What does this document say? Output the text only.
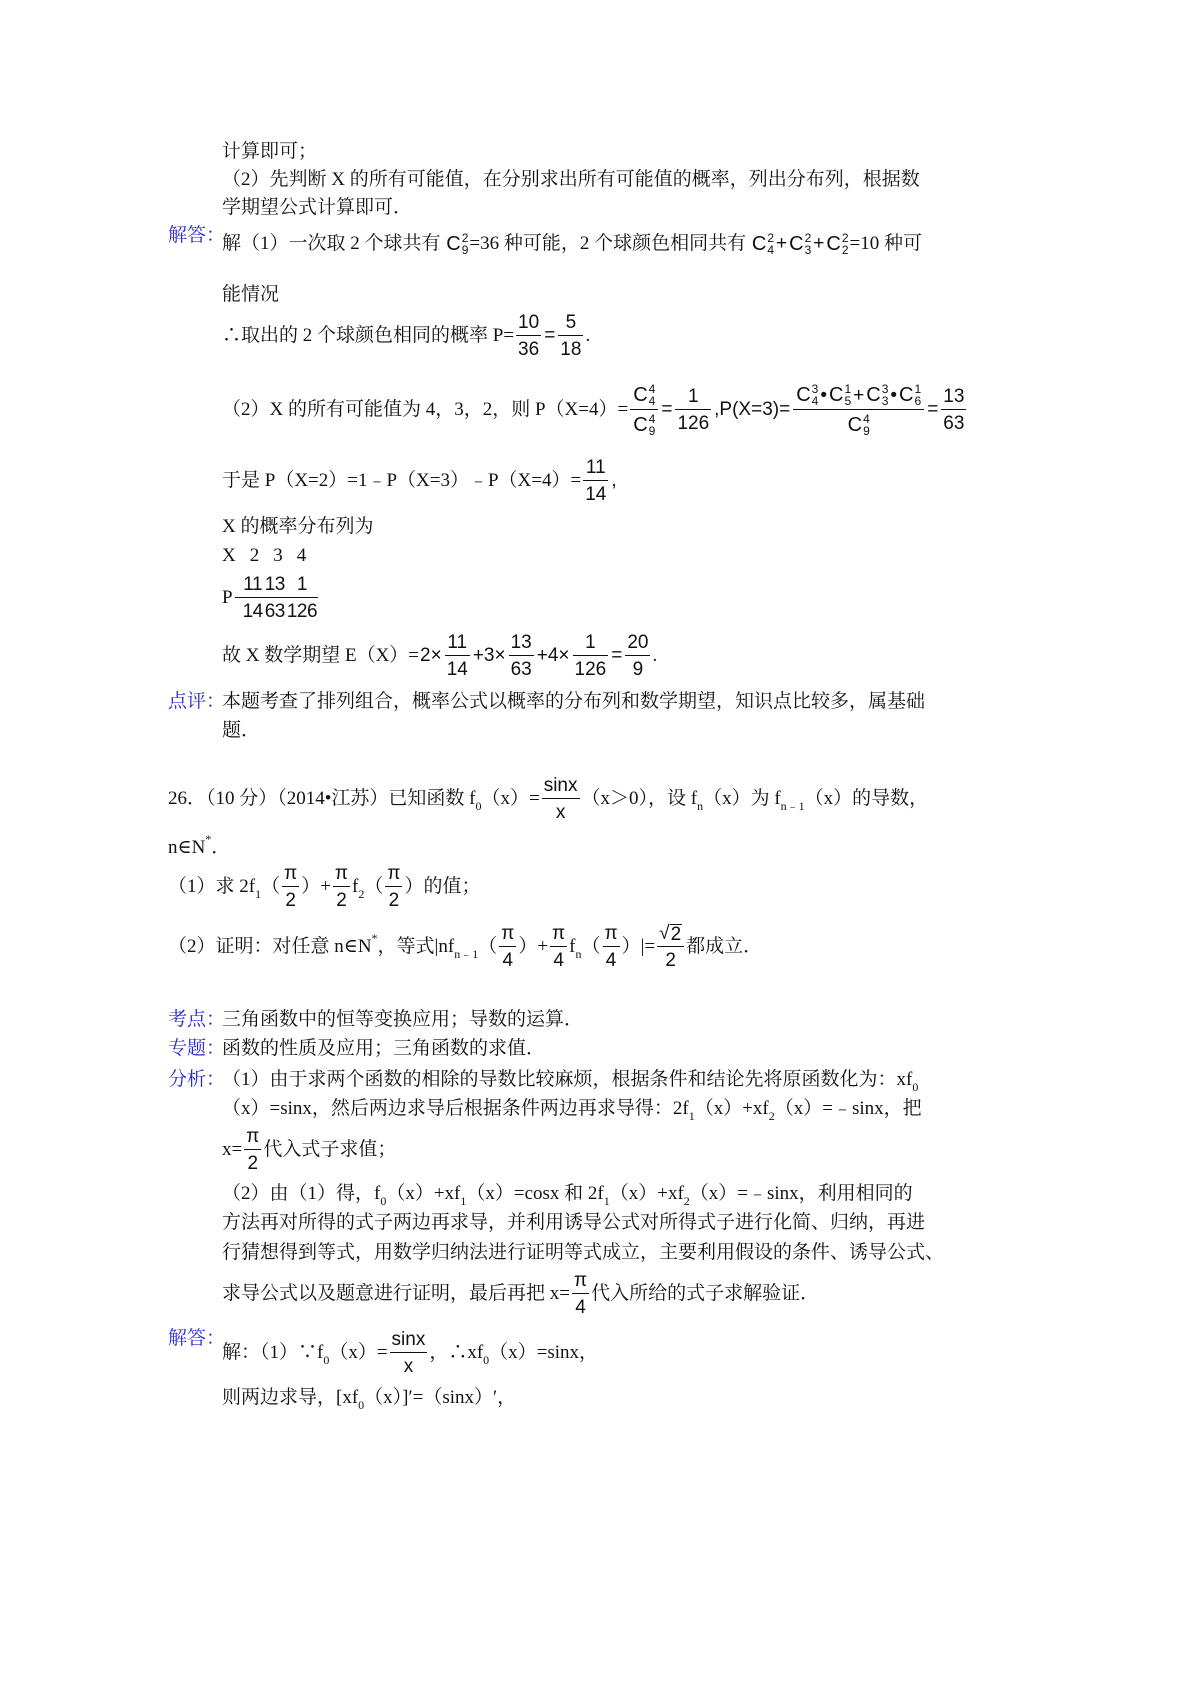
计算即可；
（2）先判断 X 的所有可能值，在分别求出所有可能值的概率，列出分布列，根据数
学期望公式计算即可．
解答：
解（1）一次取 2 个球共有 C 2
9 =36 种可能，2 个球颜色相同共有 C 2
4 + C 2
3 + C 2
2 =10 种可
能情况
∴取出的 2 个球颜色相同的概率 $P= \frac{10}{36} = \frac{5}{18}$ .
（2）X 的所有可能值为 4，3，2，则 P（X=4）= C 4
4
C 4
$9 = \frac{1}{126} ,P(X=3)= C$ 3
4 • C 1
5 + C 3
3 • C 1
6
C 4
$9 = \frac{13}{63}$
于是 P（X=2）=1﹣P（X=3）﹣P（X=4）= $\frac{11}{14}$ ,
X 的概率分布列为
X 2 3 4
P $\frac{11}{14} \frac{13}{63} \frac{1}{126}$
故 X 数学期望 $E(X)= 2\times \frac{11}{14} +3\times \frac{13}{63} +4\times \frac{1}{126} = \frac{20}{9}$ .
点评：
本题考查了排列组合，概率公式以概率的分布列和数学期望，知识点比较多，属基础
题．
26．（10 分）（2014•江苏）已知函数 f 0 $(x)= \frac{\sin x}{x} (x>0)$，设 f n （x）为 f n﹣1 （x）的导数，
n∈N * ．
（1）求 2f 1 （ $\frac{\pi}{2}$ ）+ $\frac{\pi}{2}$ f 2 （ $\frac{\pi}{2}$ ）的值；
（2）证明：对任意 n∈N * ，等式|nf n﹣1 （ $\frac{\pi}{4}$ ）+ $\frac{\pi}{4}$ f n （ $\frac{\pi}{4}$ ）|= $\frac{√ 2}{2}$ 都成立．
考点：
三角函数中的恒等变换应用；导数的运算．
专题：
函数的性质及应用；三角函数的求值．
分析：
（1）由于求两个函数的相除的导数比较麻烦，根据条件和结论先将原函数化为：xf 0
（x）=sinx，然后两边求导后根据条件两边再求导得：2f 1 （x）+xf 2 （x）=﹣sinx，把
$x= \frac{\pi}{2}$ 代入式子求值；
（2）由（1）得，f 0 （x）+xf 1 （x）=cosx 和 2f 1 （x）+xf 2 （x）=﹣sinx，利用相同的
方法再对所得的式子两边再求导，并利用诱导公式对所得式子进行化简、归纳，再进
行猜想得到等式，用数学归纳法进行证明等式成立，主要利用假设的条件、诱导公式、
求导公式以及题意进行证明，最后再把 $x= \frac{\pi}{4}$ 代入所给的式子求解验证．
解答：
解：（1）∵f 0 $(x)= \frac{\sin x}{x}$ ，∴xf 0 （x）=sinx，
则两边求导，[xf 0 （x）]′=（sinx）′，
